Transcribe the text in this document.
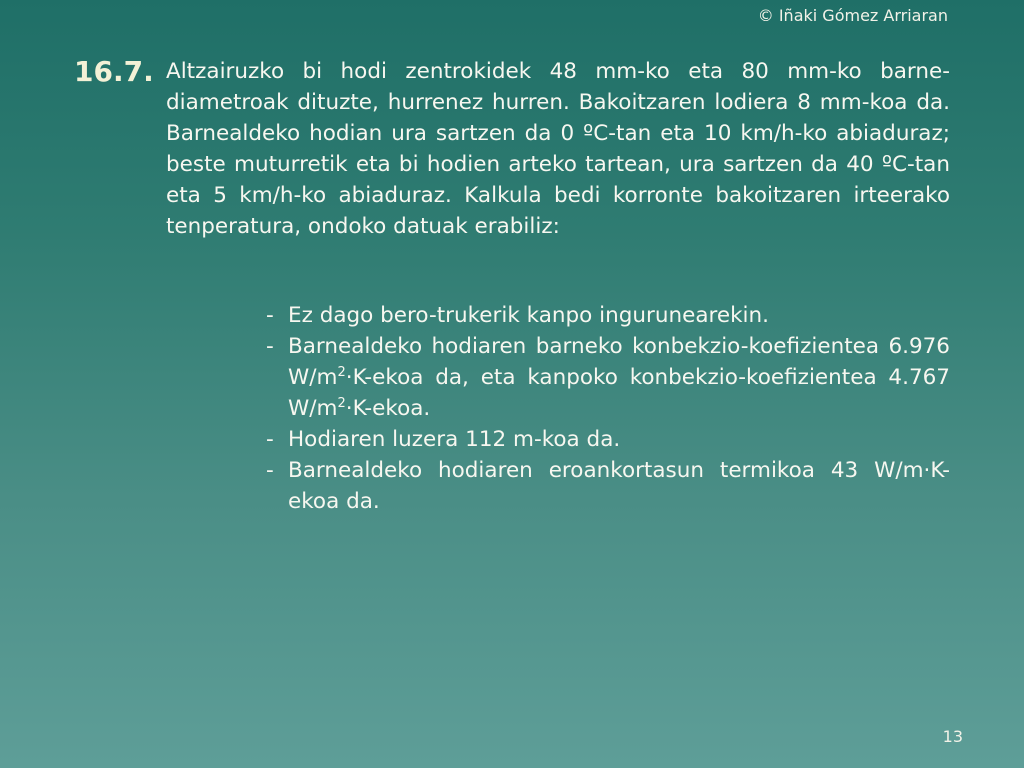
© Iñaki Gómez Arriaran
16.7. Altzairuzko bi hodi zentrokidek 48 mm-ko eta 80 mm-ko barne-diametroak dituzte, hurrenez hurren. Bakoitzaren lodiera 8 mm-koa da. Barnealdeko hodian ura sartzen da 0 ºC-tan eta 10 km/h-ko abiaduraz; beste muturretik eta bi hodien arteko tartean, ura sartzen da 40 ºC-tan eta 5 km/h-ko abiaduraz. Kalkula bedi korronte bakoitzaren irteerako tenperatura, ondoko datuak erabiliz:

- Ez dago bero-trukerik kanpo ingurunearekin.
- Barnealdeko hodiaren barneko konbekzio-koefizientea 6.976 $W/m^2\cdot K$-ekoa da, eta kanpoko konbekzio-koefizientea 4.767 $W/m^2\cdot K$-ekoa.
- Hodiaren luzera 112 m-koa da.
- Barnealdeko hodiaren eroankortasun termikoa 43 W/m·K-ekoa da.
13
